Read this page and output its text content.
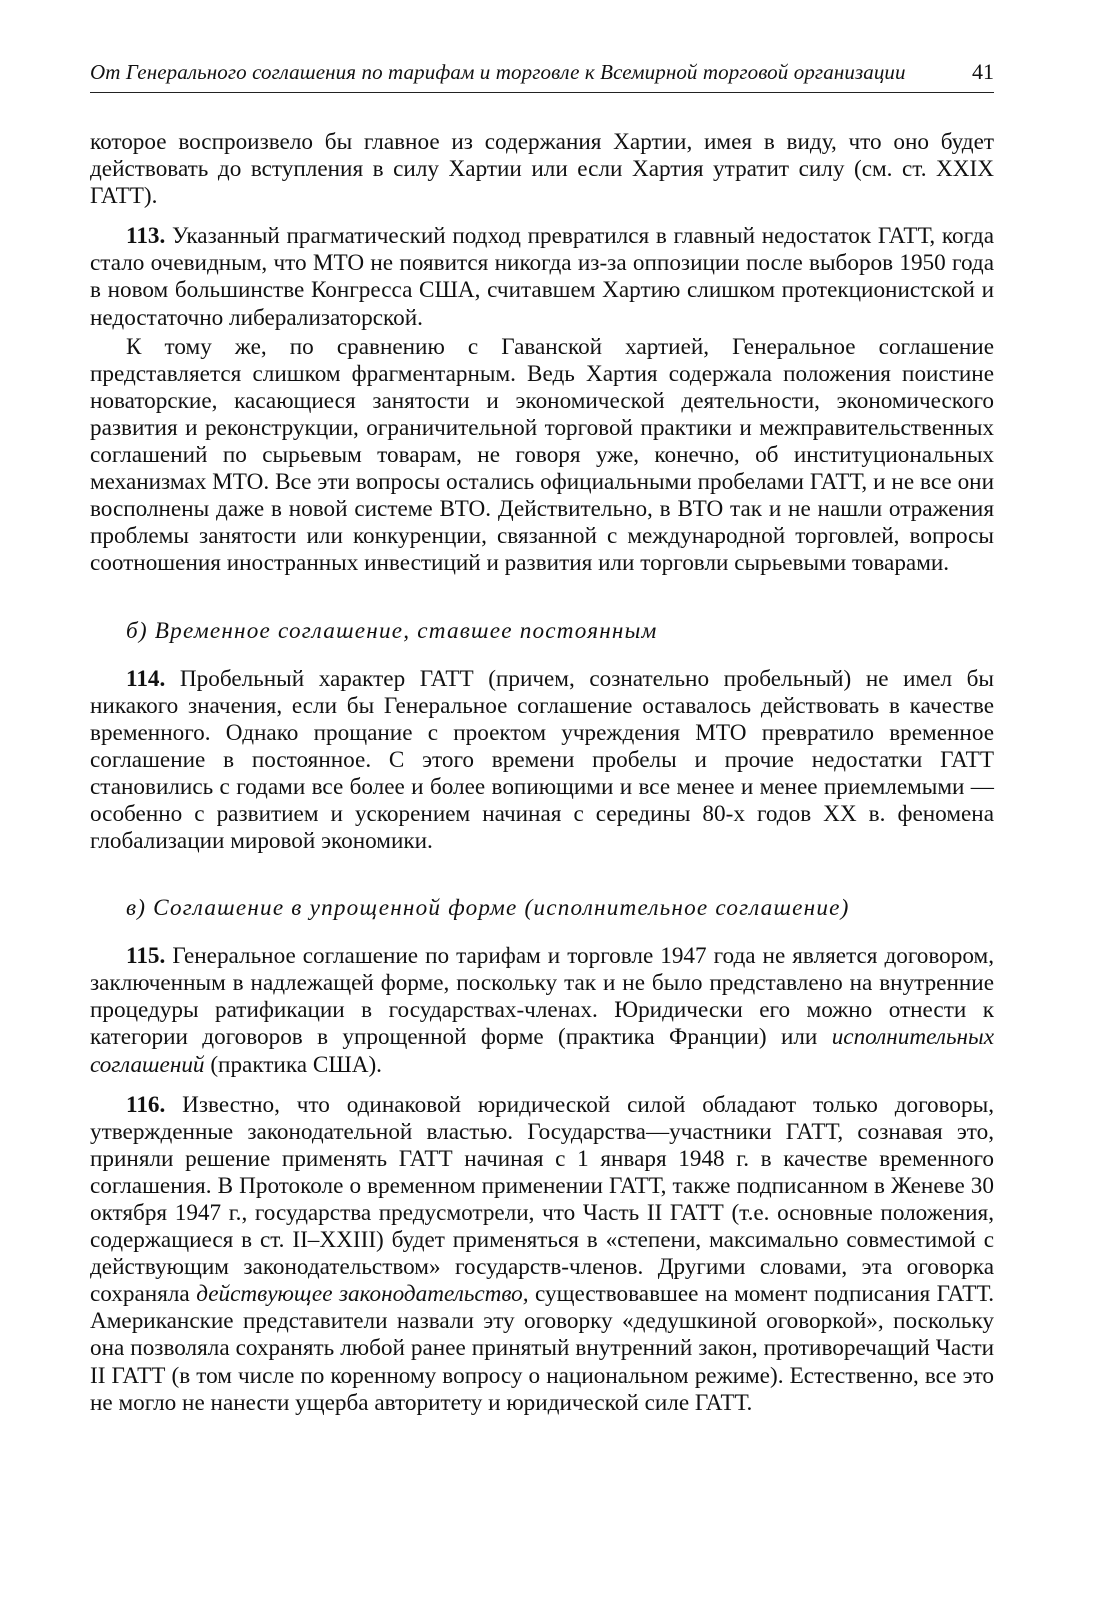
От Генерального соглашения по тарифам и торговле к Всемирной торговой организации	41

которое воспроизвело бы главное из содержания Хартии, имея в виду, что оно будет действовать до вступления в силу Хартии или если Хартия утратит силу (см. ст. XXIX ГАТТ).

113. Указанный прагматический подход превратился в главный недостаток ГАТТ, когда стало очевидным, что МТО не появится никогда из-за оппозиции после выборов 1950 года в новом большинстве Конгресса США, считавшем Хартию слишком протекционистской и недостаточно либерализаторской.

К тому же, по сравнению с Гаванской хартией, Генеральное соглашение представляется слишком фрагментарным. Ведь Хартия содержала положения поистине новаторские, касающиеся занятости и экономической деятельности, экономического развития и реконструкции, ограничительной торговой практики и межправительственных соглашений по сырьевым товарам, не говоря уже, конечно, об институциональных механизмах МТО. Все эти вопросы остались официальными пробелами ГАТТ, и не все они восполнены даже в новой системе ВТО. Действительно, в ВТО так и не нашли отражения проблемы занятости или конкуренции, связанной с международной торговлей, вопросы соотношения иностранных инвестиций и развития или торговли сырьевыми товарами.

б) Временное соглашение, ставшее постоянным

114. Пробельный характер ГАТТ (причем, сознательно пробельный) не имел бы никакого значения, если бы Генеральное соглашение оставалось действовать в качестве временного. Однако прощание с проектом учреждения МТО превратило временное соглашение в постоянное. С этого времени пробелы и прочие недостатки ГАТТ становились с годами все более и более вопиющими и все менее и менее приемлемыми — особенно с развитием и ускорением начиная с середины 80-х годов XX в. феномена глобализации мировой экономики.

в) Соглашение в упрощенной форме (исполнительное соглашение)

115. Генеральное соглашение по тарифам и торговле 1947 года не является договором, заключенным в надлежащей форме, поскольку так и не было представлено на внутренние процедуры ратификации в государствах-членах. Юридически его можно отнести к категории договоров в упрощенной форме (практика Франции) или исполнительных соглашений (практика США).

116. Известно, что одинаковой юридической силой обладают только договоры, утвержденные законодательной властью. Государства—участники ГАТТ, сознавая это, приняли решение применять ГАТТ начиная с 1 января 1948 г. в качестве временного соглашения. В Протоколе о временном применении ГАТТ, также подписанном в Женеве 30 октября 1947 г., государства предусмотрели, что Часть II ГАТТ (т.е. основные положения, содержащиеся в ст. II–XXIII) будет применяться в «степени, максимально совместимой с действующим законодательством» государств-членов. Другими словами, эта оговорка сохраняла действующее законодательство, существовавшее на момент подписания ГАТТ. Американские представители назвали эту оговорку «дедушкиной оговоркой», поскольку она позволяла сохранять любой ранее принятый внутренний закон, противоречащий Части II ГАТТ (в том числе по коренному вопросу о национальном режиме). Естественно, все это не могло не нанести ущерба авторитету и юридической силе ГАТТ.
